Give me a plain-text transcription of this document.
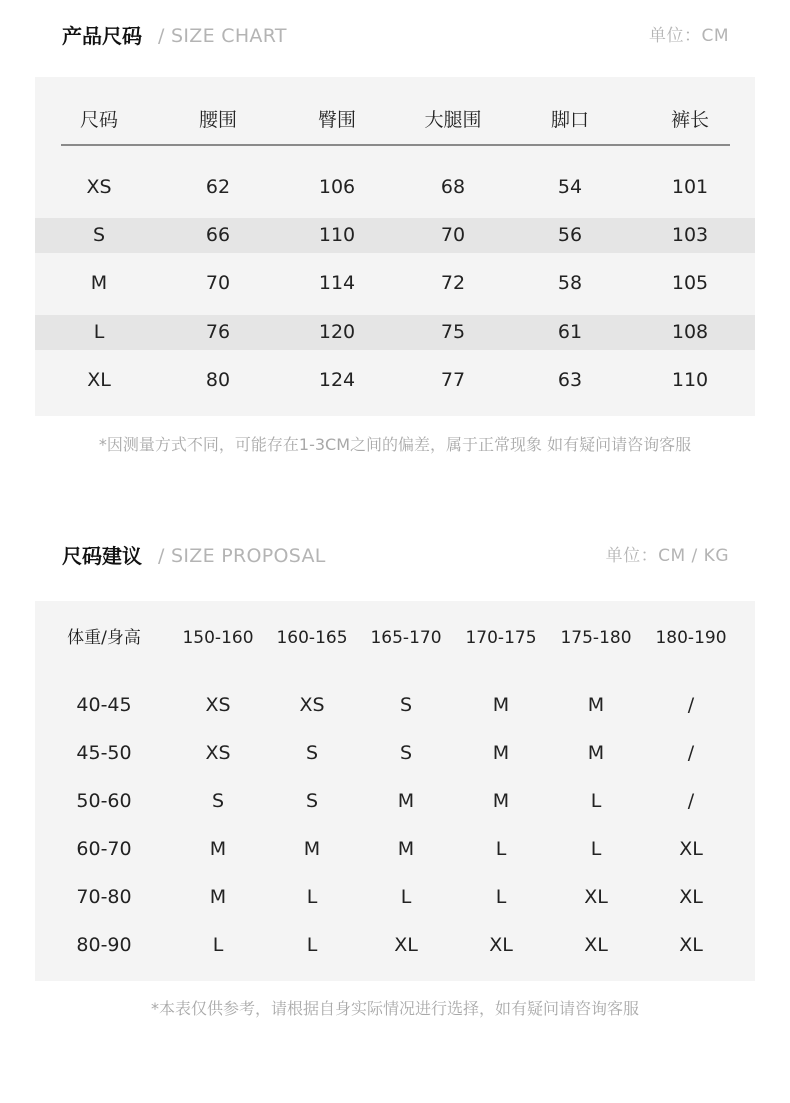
产品尺码 / SIZE CHART	单位：CM
尺码	腰围	臀围	大腿围	脚口	裤长
XS	62	106	68	54	101
S	66	110	70	56	103
M	70	114	72	58	105
L	76	120	75	61	108
XL	80	124	77	63	110
*因测量方式不同，可能存在1-3CM之间的偏差，属于正常现象 如有疑问请咨询客服
尺码建议 / SIZE PROPOSAL	单位：CM / KG
体重/身高	150-160	160-165	165-170	170-175	175-180	180-190
40-45	XS	XS	S	M	M	/
45-50	XS	S	S	M	M	/
50-60	S	S	M	M	L	/
60-70	M	M	M	L	L	XL
70-80	M	L	L	L	XL	XL
80-90	L	L	XL	XL	XL	XL
*本表仅供参考，请根据自身实际情况进行选择，如有疑问请咨询客服
